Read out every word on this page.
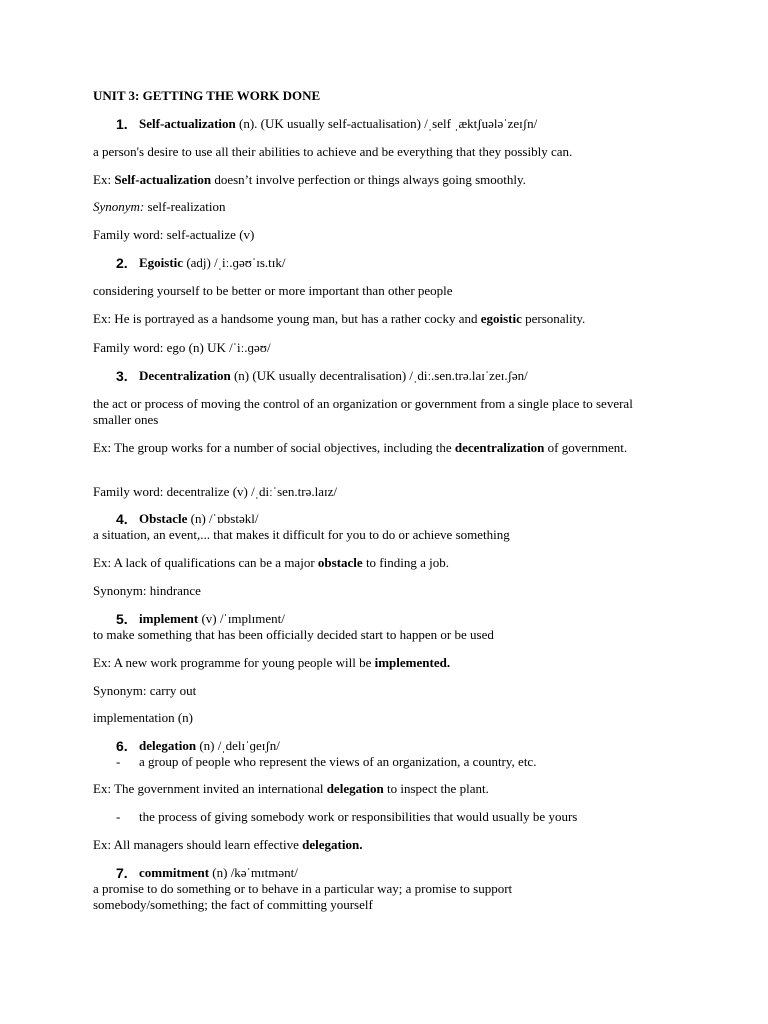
UNIT 3: GETTING THE WORK DONE
1. Self-actualization (n). (UK usually self-actualisation) /ˌself ˌæktʃuələˈzeɪʃn/
a person's desire to use all their abilities to achieve and be everything that they possibly can.
Ex: Self-actualization doesn’t involve perfection or things always going smoothly.
Synonym: self-realization
Family word: self-actualize (v)
2. Egoistic (adj) /ˌiː.ɡəʊˈɪs.tɪk/
considering yourself to be better or more important than other people
Ex: He is portrayed as a handsome young man, but has a rather cocky and egoistic personality.
Family word: ego (n) UK /ˈiː.ɡəʊ/
3. Decentralization (n) (UK usually decentralisation) /ˌdiː.sen.trə.laɪˈzeɪ.ʃən/
the act or process of moving the control of an organization or government from a single place to several smaller ones
Ex: The group works for a number of social objectives, including the decentralization of government.
Family word: decentralize (v) /ˌdiːˈsen.trə.laɪz/
4. Obstacle (n) /ˈɒbstəkl/
a situation, an event,... that makes it difficult for you to do or achieve something
Ex: A lack of qualifications can be a major obstacle to finding a job.
Synonym: hindrance
5. implement (v) /ˈɪmplɪment/
to make something that has been officially decided start to happen or be used
Ex: A new work programme for young people will be implemented.
Synonym: carry out
implementation (n)
6. delegation (n) /ˌdelɪˈɡeɪʃn/
- a group of people who represent the views of an organization, a country, etc.
Ex: The government invited an international delegation to inspect the plant.
- the process of giving somebody work or responsibilities that would usually be yours
Ex: All managers should learn effective delegation.
7. commitment (n) /kəˈmɪtmənt/
a promise to do something or to behave in a particular way; a promise to support somebody/something; the fact of committing yourself
